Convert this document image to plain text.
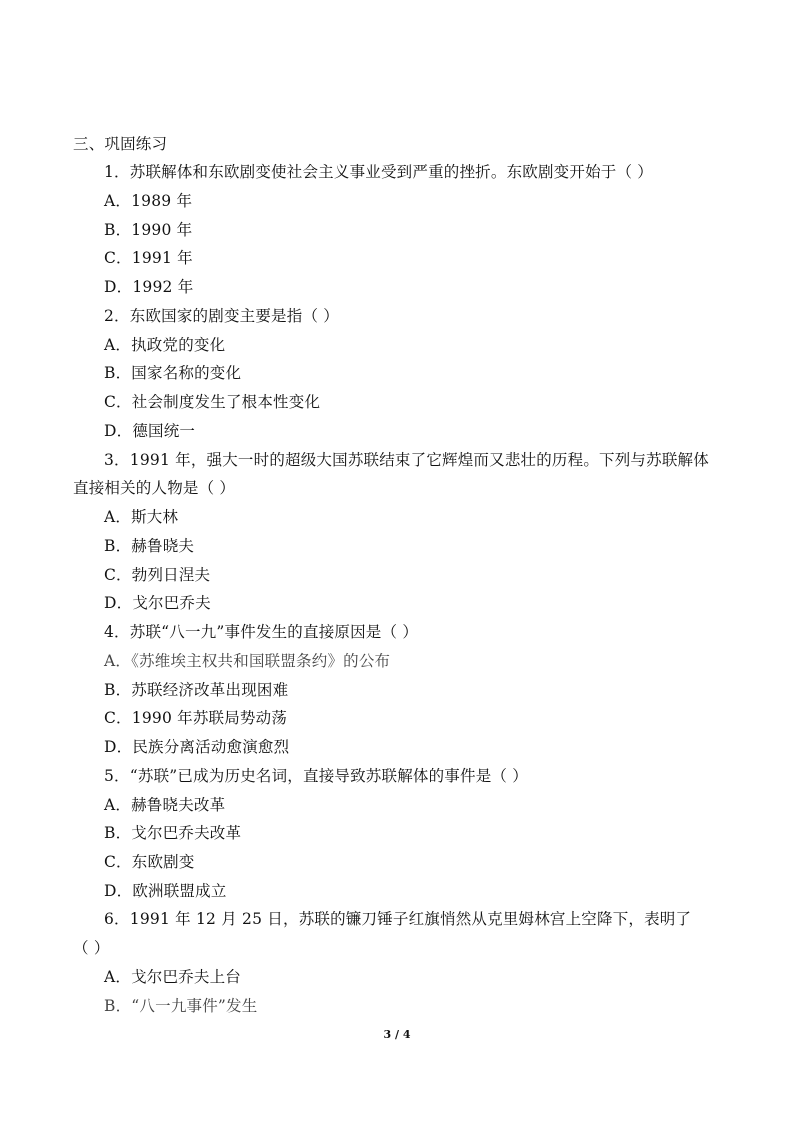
三、巩固练习
1．苏联解体和东欧剧变使社会主义事业受到严重的挫折。东欧剧变开始于（ ）
A．1989 年
B．1990 年
C．1991 年
D．1992 年
2．东欧国家的剧变主要是指（ ）
A．执政党的变化
B．国家名称的变化
C．社会制度发生了根本性变化
D．德国统一
3．1991 年，强大一时的超级大国苏联结束了它辉煌而又悲壮的历程。下列与苏联解体
直接相关的人物是（ ）
A．斯大林
B．赫鲁晓夫
C．勃列日涅夫
D．戈尔巴乔夫
4．苏联“八一九”事件发生的直接原因是（ ）
A．《苏维埃主权共和国联盟条约》的公布
B．苏联经济改革出现困难
C．1990 年苏联局势动荡
D．民族分离活动愈演愈烈
5．“苏联”已成为历史名词，直接导致苏联解体的事件是（ ）
A．赫鲁晓夫改革
B．戈尔巴乔夫改革
C．东欧剧变
D．欧洲联盟成立
6．1991 年 12 月 25 日，苏联的镰刀锤子红旗悄然从克里姆林宫上空降下，表明了
（ ）
A．戈尔巴乔夫上台
B．“八一九事件”发生
3 / 4
